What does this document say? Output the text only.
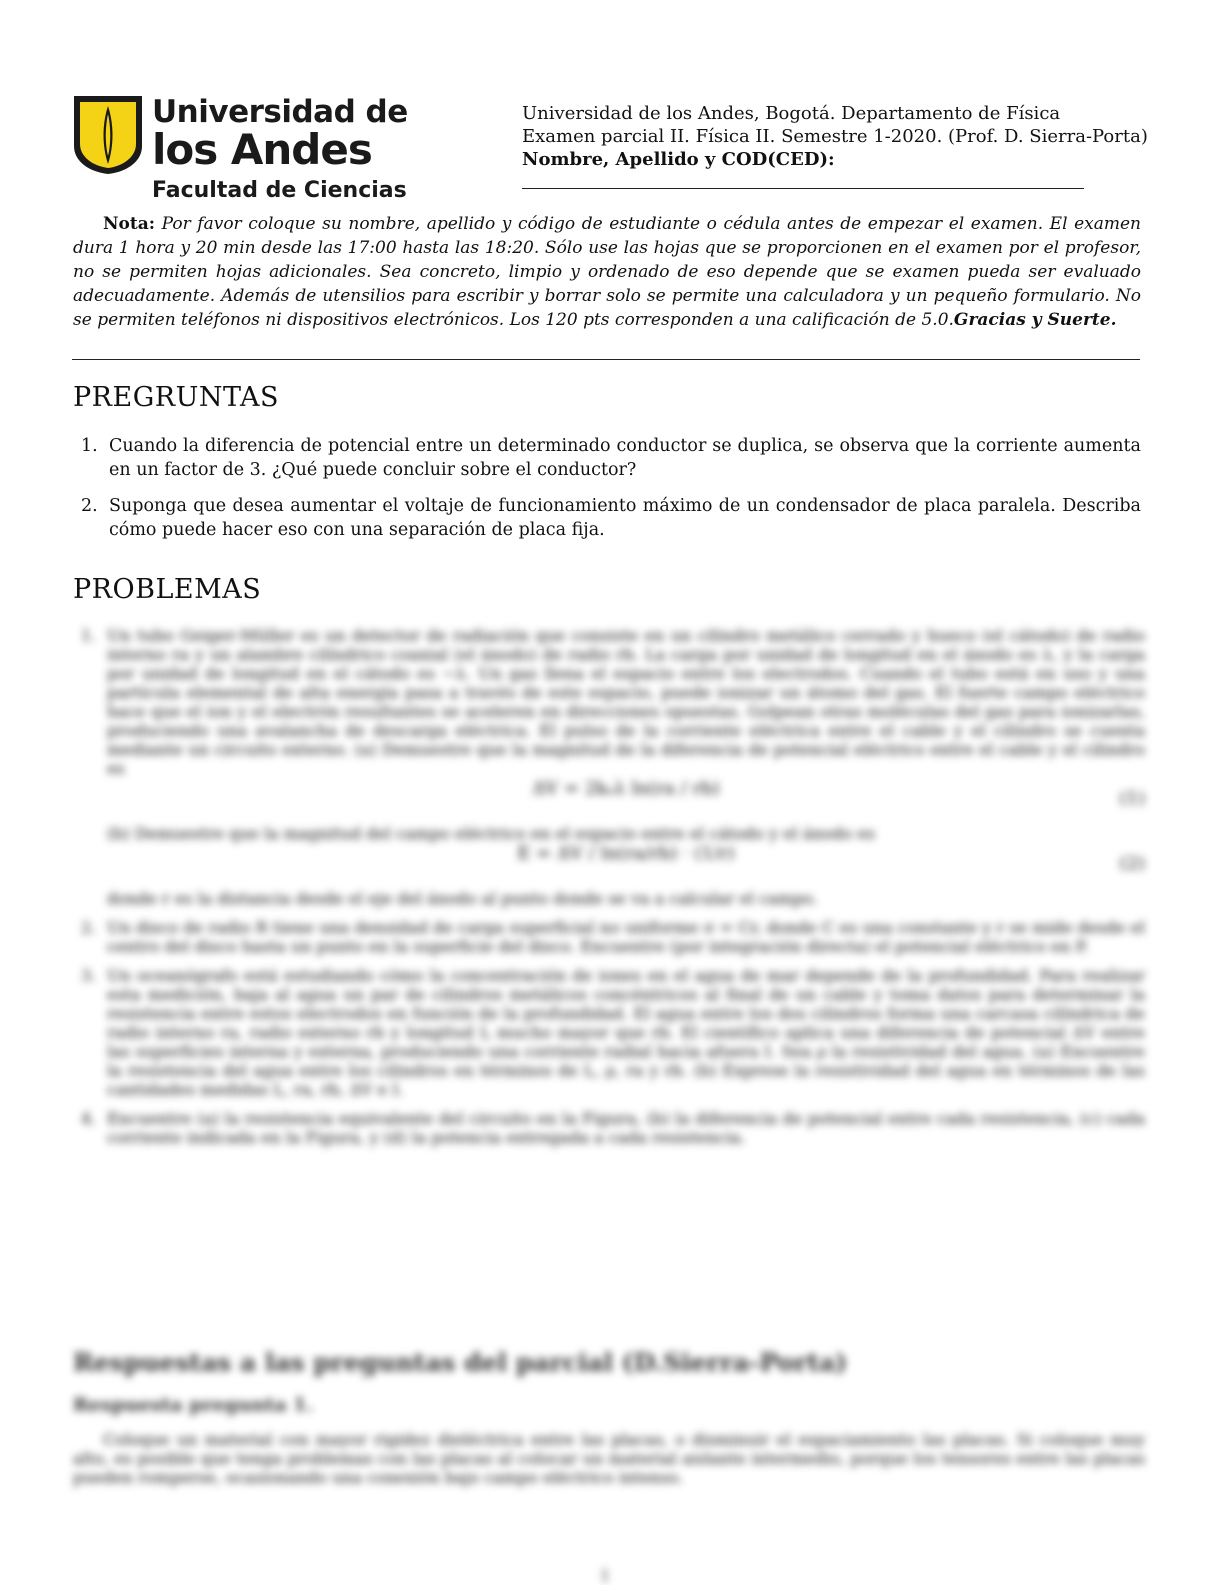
Universidad de
los Andes
Facultad de Ciencias
Universidad de los Andes, Bogotá. Departamento de Física
Examen parcial II. Física II. Semestre 1-2020. (Prof. D. Sierra-Porta)
Nombre, Apellido y COD(CED):
Nota: Por favor coloque su nombre, apellido y código de estudiante o cédula antes de empezar el examen. El examen dura 1 hora y 20 min desde las 17:00 hasta las 18:20. Sólo use las hojas que se proporcionen en el examen por el profesor, no se permiten hojas adicionales. Sea concreto, limpio y ordenado de eso depende que se examen pueda ser evaluado adecuadamente. Además de utensilios para escribir y borrar solo se permite una calculadora y un pequeño formulario. No se permiten teléfonos ni dispositivos electrónicos. Los 120 pts corresponden a una calificación de 5.0.Gracias y Suerte.
PREGRUNTAS
1. Cuando la diferencia de potencial entre un determinado conductor se duplica, se observa que la corriente aumenta en un factor de 3. ¿Qué puede concluir sobre el conductor?
2. Suponga que desea aumentar el voltaje de funcionamiento máximo de un condensador de placa paralela. Describa cómo puede hacer eso con una separación de placa fija.
PROBLEMAS
1. Un tubo Geiger-Müller es un detector de radiación que consiste en un cilindro metálico cerrado y hueco (el cátodo) de radio interno ra y un alambre cilíndrico coaxial (el ánodo) de radio rb. La carga por unidad de longitud en el ánodo es λ, y la carga por unidad de longitud en el cátodo es −λ. Un gas llena el espacio entre los electrodos. Cuando el tubo está en uso y una partícula elemental de alta energía pasa a través de este espacio, puede ionizar un átomo del gas. El fuerte campo eléctrico hace que el ion y el electrón resultantes se aceleren en direcciones opuestas. Golpean otras moléculas del gas para ionizarlas, produciendo una avalancha de descarga eléctrica. El pulso de la corriente eléctrica entre el cable y el cilindro se cuenta mediante un circuito externo. (a) Demuestre que la magnitud de la diferencia de potencial eléctrico entre el cable y el cilindro es
ΔV = 2kₑλ ln(ra / rb)	(1)
(b) Demuestre que la magnitud del campo eléctrico en el espacio entre el cátodo y el ánodo es
E = ΔV / ln(ra/rb) · (1/r)	(2)
donde r es la distancia desde el eje del ánodo al punto donde se va a calcular el campo.
2. Un disco de radio R tiene una densidad de carga superficial no uniforme σ = Cr, donde C es una constante y r se mide desde el centro del disco hasta un punto en la superficie del disco. Encuentre (por integración directa) el potencial eléctrico en P.
3. Un oceanógrafo está estudiando cómo la concentración de iones en el agua de mar depende de la profundidad. Para realizar esta medición, baja al agua un par de cilindros metálicos concéntricos al final de un cable y toma datos para determinar la resistencia entre estos electrodos en función de la profundidad. El agua entre los dos cilindros forma una carcasa cilíndrica de radio interno ra, radio externo rb y longitud L mucho mayor que rb. El científico aplica una diferencia de potencial ΔV entre las superficies interna y externa, produciendo una corriente radial hacia afuera I. Sea ρ la resistividad del agua. (a) Encuentre la resistencia del agua entre los cilindros en términos de L, ρ, ra y rb. (b) Exprese la resistividad del agua en términos de las cantidades medidas L, ra, rb, ΔV e I.
4. Encuentre (a) la resistencia equivalente del circuito en la Figura, (b) la diferencia de potencial entre cada resistencia, (c) cada corriente indicada en la Figura, y (d) la potencia entregada a cada resistencia.
Respuestas a las preguntas del parcial (D.Sierra-Porta)
Respuesta pregunta 1.
Coloque un material con mayor rigidez dieléctrica entre las placas, o disminuir el espaciamiento las placas. Si coloque muy alto, es posible que tenga problemas con las placas al colocar un material aislante intermedio, porque los tensores entre las placas pueden romperse, ocasionando una conexión bajo campo eléctrico intenso.
1
